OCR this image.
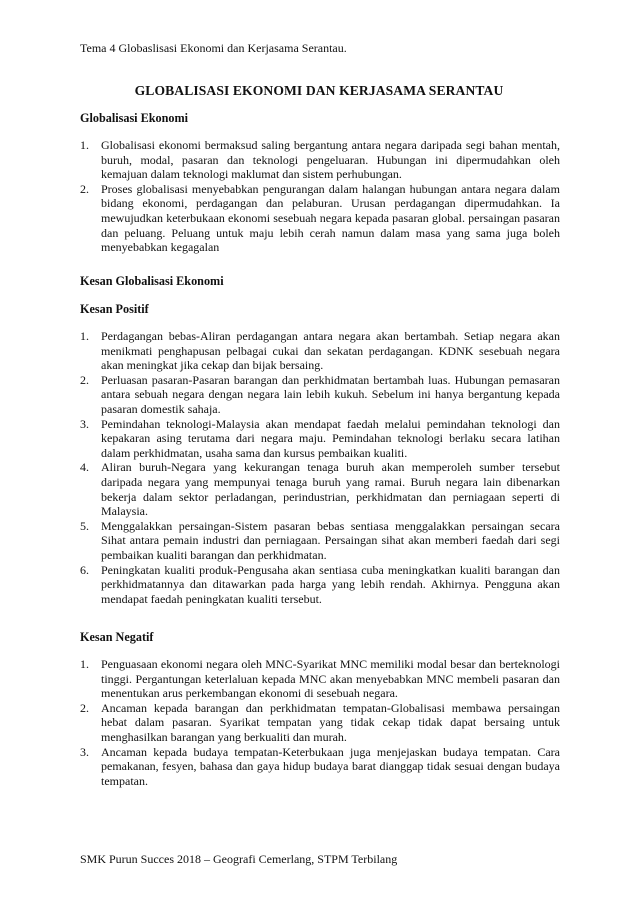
Tema 4 Globaslisasi Ekonomi dan Kerjasama Serantau.
GLOBALISASI EKONOMI DAN KERJASAMA SERANTAU
Globalisasi Ekonomi
1. Globalisasi ekonomi bermaksud saling bergantung antara negara daripada segi bahan mentah, buruh, modal, pasaran dan teknologi pengeluaran. Hubungan ini dipermudahkan oleh kemajuan dalam teknologi maklumat dan sistem perhubungan.
2. Proses globalisasi menyebabkan pengurangan dalam halangan hubungan antara negara dalam bidang ekonomi, perdagangan dan pelaburan. Urusan perdagangan dipermudahkan. Ia mewujudkan keterbukaan ekonomi sesebuah negara kepada pasaran global. persaingan pasaran dan peluang. Peluang untuk maju lebih cerah namun dalam masa yang sama juga boleh menyebabkan kegagalan
Kesan Globalisasi Ekonomi
Kesan Positif
1. Perdagangan bebas-Aliran perdagangan antara negara akan bertambah. Setiap negara akan menikmati penghapusan pelbagai cukai dan sekatan perdagangan. KDNK sesebuah negara akan meningkat jika cekap dan bijak bersaing.
2. Perluasan pasaran-Pasaran barangan dan perkhidmatan bertambah luas. Hubungan pemasaran antara sebuah negara dengan negara lain lebih kukuh. Sebelum ini hanya bergantung kepada pasaran domestik sahaja.
3. Pemindahan teknologi-Malaysia akan mendapat faedah melalui pemindahan teknologi dan kepakaran asing terutama dari negara maju. Pemindahan teknologi berlaku secara latihan dalam perkhidmatan, usaha sama dan kursus pembaikan kualiti.
4. Aliran buruh-Negara yang kekurangan tenaga buruh akan memperoleh sumber tersebut daripada negara yang mempunyai tenaga buruh yang ramai. Buruh negara lain dibenarkan bekerja dalam sektor perladangan, perindustrian, perkhidmatan dan perniagaan seperti di Malaysia.
5. Menggalakkan persaingan-Sistem pasaran bebas sentiasa menggalakkan persaingan secara Sihat antara pemain industri dan perniagaan. Persaingan sihat akan memberi faedah dari segi pembaikan kualiti barangan dan perkhidmatan.
6. Peningkatan kualiti produk-Pengusaha akan sentiasa cuba meningkatkan kualiti barangan dan perkhidmatannya dan ditawarkan pada harga yang lebih rendah. Akhirnya. Pengguna akan mendapat faedah peningkatan kualiti tersebut.
Kesan Negatif
1. Penguasaan ekonomi negara oleh MNC-Syarikat MNC memiliki modal besar dan berteknologi tinggi. Pergantungan keterlaluan kepada MNC akan menyebabkan MNC membeli pasaran dan menentukan arus perkembangan ekonomi di sesebuah negara.
2. Ancaman kepada barangan dan perkhidmatan tempatan-Globalisasi membawa persaingan hebat dalam pasaran. Syarikat tempatan yang tidak cekap tidak dapat bersaing untuk menghasilkan barangan yang berkualiti dan murah.
3. Ancaman kepada budaya tempatan-Keterbukaan juga menjejaskan budaya tempatan. Cara pemakanan, fesyen, bahasa dan gaya hidup budaya barat dianggap tidak sesuai dengan budaya tempatan.
SMK Purun Succes 2018 – Geografi Cemerlang, STPM Terbilang
